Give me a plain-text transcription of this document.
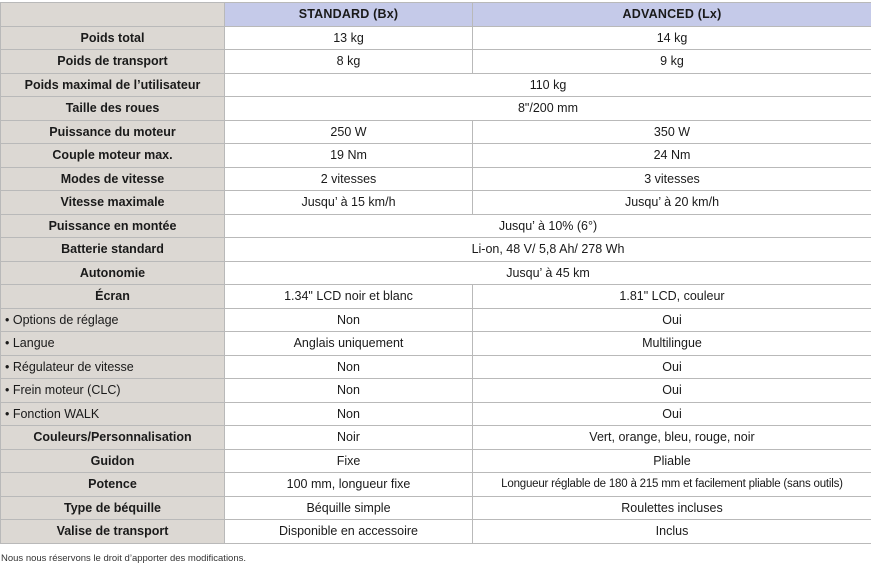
	STANDARD (Bx)	ADVANCED (Lx)
Poids total	13 kg	14 kg
Poids de transport	8 kg	9 kg
Poids maximal de l’utilisateur	110 kg	
Taille des roues	8"/200 mm	
Puissance du moteur	250 W	350 W
Couple moteur max.	19 Nm	24 Nm
Modes de vitesse	2 vitesses	3 vitesses
Vitesse maximale	Jusqu’ à 15 km/h	Jusqu’ à 20 km/h
Puissance en montée	Jusqu’ à 10% (6°)	
Batterie standard	Li-on, 48 V/ 5,8 Ah/ 278 Wh	
Autonomie	Jusqu’ à 45 km	
Écran	1.34" LCD noir et blanc	1.81" LCD, couleur
• Options de réglage	Non	Oui
• Langue	Anglais uniquement	Multilingue
• Régulateur de vitesse	Non	Oui
• Frein moteur (CLC)	Non	Oui
• Fonction WALK	Non	Oui
Couleurs/Personnalisation	Noir	Vert, orange, bleu, rouge, noir
Guidon	Fixe	Pliable
Potence	100 mm, longueur fixe	Longueur réglable de 180 à 215 mm et facilement pliable (sans outils)
Type de béquille	Béquille simple	Roulettes incluses
Valise de transport	Disponible en accessoire	Inclus
Nous nous réservons le droit d’apporter des modifications.
